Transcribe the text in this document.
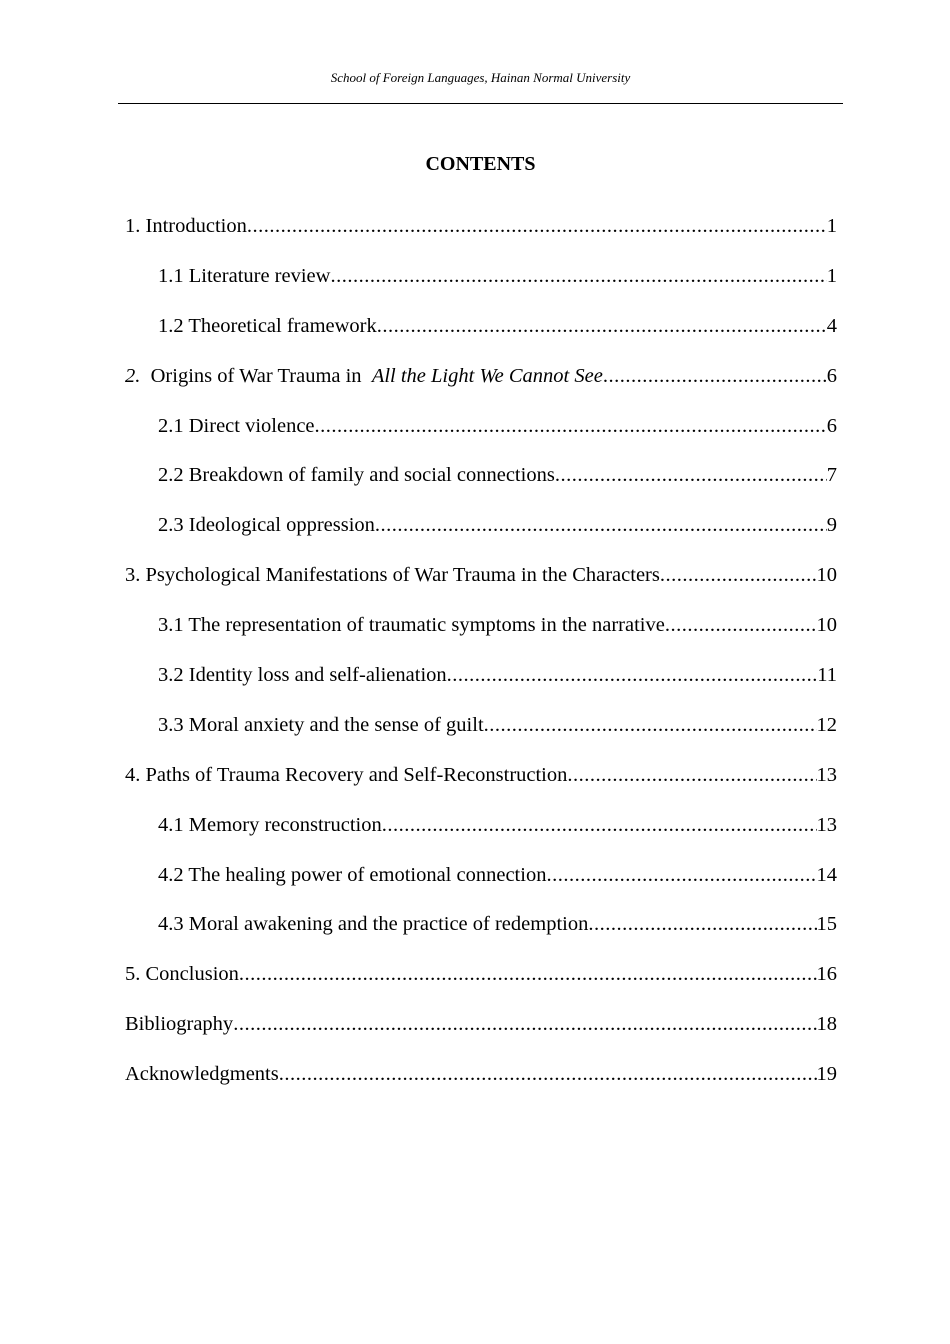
School of Foreign Languages, Hainan Normal University
CONTENTS
1. Introduction .....	1
1.1 Literature review .....	1
1.2 Theoretical framework .....	4
2. Origins of War Trauma in All the Light We Cannot See .....	6
2.1 Direct violence .....	6
2.2 Breakdown of family and social connections .....	7
2.3 Ideological oppression .....	9
3. Psychological Manifestations of War Trauma in the Characters .....	10
3.1 The representation of traumatic symptoms in the narrative .....	10
3.2 Identity loss and self-alienation .....	11
3.3 Moral anxiety and the sense of guilt .....	12
4. Paths of Trauma Recovery and Self-Reconstruction .....	13
4.1 Memory reconstruction .....	13
4.2 The healing power of emotional connection .....	14
4.3 Moral awakening and the practice of redemption .....	15
5. Conclusion .....	16
Bibliography .....	18
Acknowledgments .....	19
